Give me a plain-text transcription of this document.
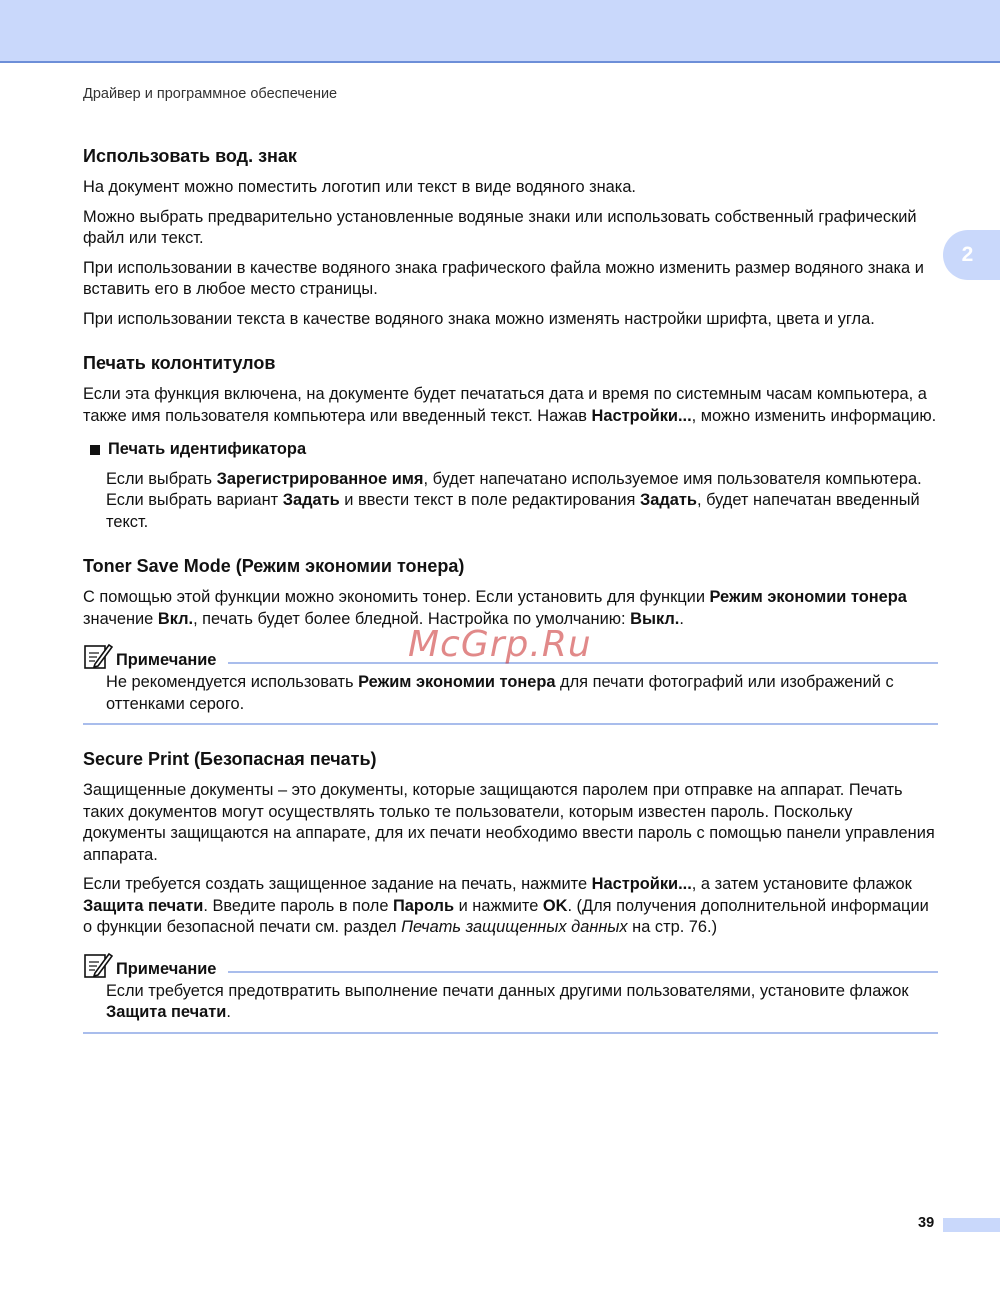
Драйвер и программное обеспечение
2
Использовать вод. знак

На документ можно поместить логотип или текст в виде водяного знака.

Можно выбрать предварительно установленные водяные знаки или использовать собственный графический файл или текст.

При использовании в качестве водяного знака графического файла можно изменить размер водяного знака и вставить его в любое место страницы.

При использовании текста в качестве водяного знака можно изменять настройки шрифта, цвета и угла.

Печать колонтитулов

Если эта функция включена, на документе будет печататься дата и время по системным часам компьютера, а также имя пользователя компьютера или введенный текст. Нажав Настройки..., можно изменить информацию.

Печать идентификатора

Если выбрать Зарегистрированное имя, будет напечатано используемое имя пользователя компьютера. Если выбрать вариант Задать и ввести текст в поле редактирования Задать, будет напечатан введенный текст.

Toner Save Mode (Режим экономии тонера)

С помощью этой функции можно экономить тонер. Если установить для функции Режим экономии тонера значение Вкл., печать будет более бледной. Настройка по умолчанию: Выкл..

Примечание

Не рекомендуется использовать Режим экономии тонера для печати фотографий или изображений с оттенками серого.

Secure Print (Безопасная печать)

Защищенные документы – это документы, которые защищаются паролем при отправке на аппарат. Печать таких документов могут осуществлять только те пользователи, которым известен пароль. Поскольку документы защищаются на аппарате, для их печати необходимо ввести пароль с помощью панели управления аппарата.

Если требуется создать защищенное задание на печать, нажмите Настройки..., а затем установите флажок Защита печати. Введите пароль в поле Пароль и нажмите OK. (Для получения дополнительной информации о функции безопасной печати см. раздел Печать защищенных данных на стр. 76.)

Примечание

Если требуется предотвратить выполнение печати данных другими пользователями, установите флажок Защита печати.

McGrp.Ru
39
